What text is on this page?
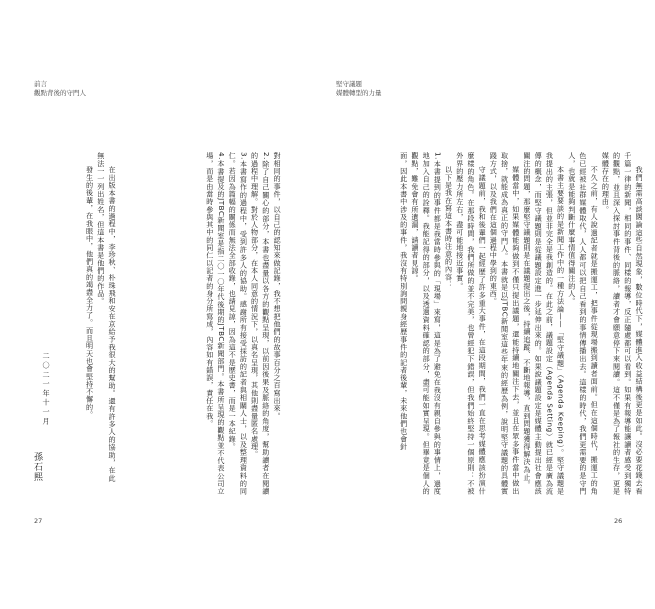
前言
觀點背後的守門人

對相同的事件，以自己的認知來做記錄，我不想把他們的故事百分之百寫出來。

2.除了自己關心的部分，本書也盡量以各方的觀點呈現，以前因後果及脈絡的角度，幫助讀者在閱讀的過程中理解。對於人物部分，在本人同意的情況下，以真名呈現，其他則盡量匿名處理。

3.本書寫作的過程中，受到許多人的協助。感謝所有接受採訪的記者與相關人士，以及整理資料的同仁。若因為篇幅的關係而無法全部收錄，也請見諒，因為這不是歷史書，而是一本紀錄。

4.本書提及的JTBC新聞室是指二〇一〇年代後期的JTBC新聞部門。本書所呈現的觀點並不代表公司立場，而是由當時參與其中的同仁以記者的身分所寫成，內容如有錯誤，責任在我。

在出版本書的過程中，李珍秋、朴珠飛和安在京給予我很大的幫助。還有許多人的協助，在此無法一一列出姓名，但這本書是他們的作品。

發生的後輩，在我眼中，他們真的竭盡全力了。而且明天也會堅持不懈的。

二〇二一年十一月
孫石熙
27
堅守議題
媒體轉型的力量

我們無需高談闊論這些自然現象，數位時代下，媒體進入收益結構後更是如此。沒必要花錢去看千篇一律的新聞，相同的事件、同樣的報導，反正隨處都可以看到。如果有報導能讓讀者感受到獨特的觀點，並且深入探討事件背後的脈絡，讀者才會願意停下來閱讀。這不僅是為了報社的生存，更是媒體存在的理由。

不久之前，有人說過記者就是搬運工，把事件從現場搬到讀者面前。但在這個時代，搬運工的角色已經被社群媒體取代，人人都可以把自己看到的事情傳播出去。這樣的時代，我們更需要的是守門人，也就是能夠判斷什麼事情值得關注的人。

本書主要要談的是新聞工作中的一種方法論——「堅守議題」（Agenda Keeping）。堅守議題是我提出的主張，但並非完全是我創造的。在此之前，議題設定（Agenda Setting）就已經是廣為流傳的概念，而堅守議題則是從議題設定進一步延伸出來的。如果說議題設定是媒體主動提出社會應該關注的問題，那麼堅守議題則是在議題提出之後，持續追蹤、不斷地報導，直到問題獲得解決為止。

媒體當中，如果媒體能夠做到不僅只提出議題，還能持續地關注下去，並且在眾多事件當中做出取捨，就能成為真正的守門人。本書就是以JTBC新聞室這些年來的經歷為例，說明堅守議題的具體實踐方式，以及我們在這個過程中學到的東西。

守議題前，我和後輩們一起經歷了許多重大事件，在這段期間，我們一直在思考媒體應該扮演什麼樣的角色。在那段時間，我們所做的並不完美，也曾經犯下錯誤，但我們始終堅持一個原則：不被外界的壓力所左右，盡可能地接近事實。

以下是我在寫這本書時注意的內容：

1.本書提到的事件都是我當時參與的「現場」來寫，這是為了避免在我沒有親自參與的事情上，過度地加入自己的詮釋。我能記得的部分，以及透過資料確認的部分，盡可能如實呈現。但畢竟是個人的觀點，難免會有所遺漏，請讀者見諒。

面，因此本書中涉及的事件，我沒有特別詢問親身經歷事件的記者後輩，未來他們也會針

26
